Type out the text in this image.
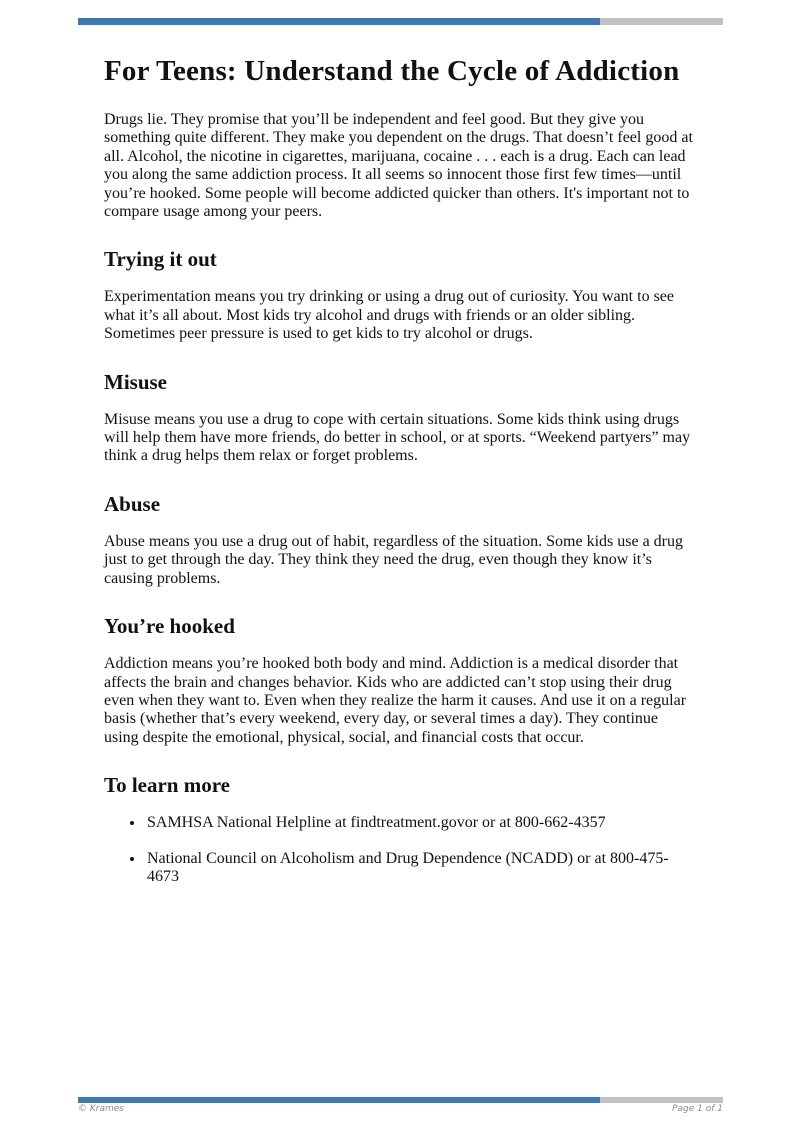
For Teens: Understand the Cycle of Addiction

Drugs lie. They promise that you’ll be independent and feel good. But they give you something quite different. They make you dependent on the drugs. That doesn’t feel good at all. Alcohol, the nicotine in cigarettes, marijuana, cocaine . . . each is a drug. Each can lead you along the same addiction process. It all seems so innocent those first few times—until you’re hooked. Some people will become addicted quicker than others. It's important not to compare usage among your peers.

Trying it out

Experimentation means you try drinking or using a drug out of curiosity. You want to see what it’s all about. Most kids try alcohol and drugs with friends or an older sibling. Sometimes peer pressure is used to get kids to try alcohol or drugs.

Misuse

Misuse means you use a drug to cope with certain situations. Some kids think using drugs will help them have more friends, do better in school, or at sports. “Weekend partyers” may think a drug helps them relax or forget problems.

Abuse

Abuse means you use a drug out of habit, regardless of the situation. Some kids use a drug just to get through the day. They think they need the drug, even though they know it’s causing problems.

You’re hooked

Addiction means you’re hooked both body and mind. Addiction is a medical disorder that affects the brain and changes behavior. Kids who are addicted can’t stop using their drug even when they want to. Even when they realize the harm it causes. And use it on a regular basis (whether that’s every weekend, every day, or several times a day). They continue using despite the emotional, physical, social, and financial costs that occur.

To learn more
• SAMHSA National Helpline at findtreatment.govor or at 800-662-4357
• National Council on Alcoholism and Drug Dependence (NCADD) or at 800-475-4673
© Krames	Page 1 of 1
